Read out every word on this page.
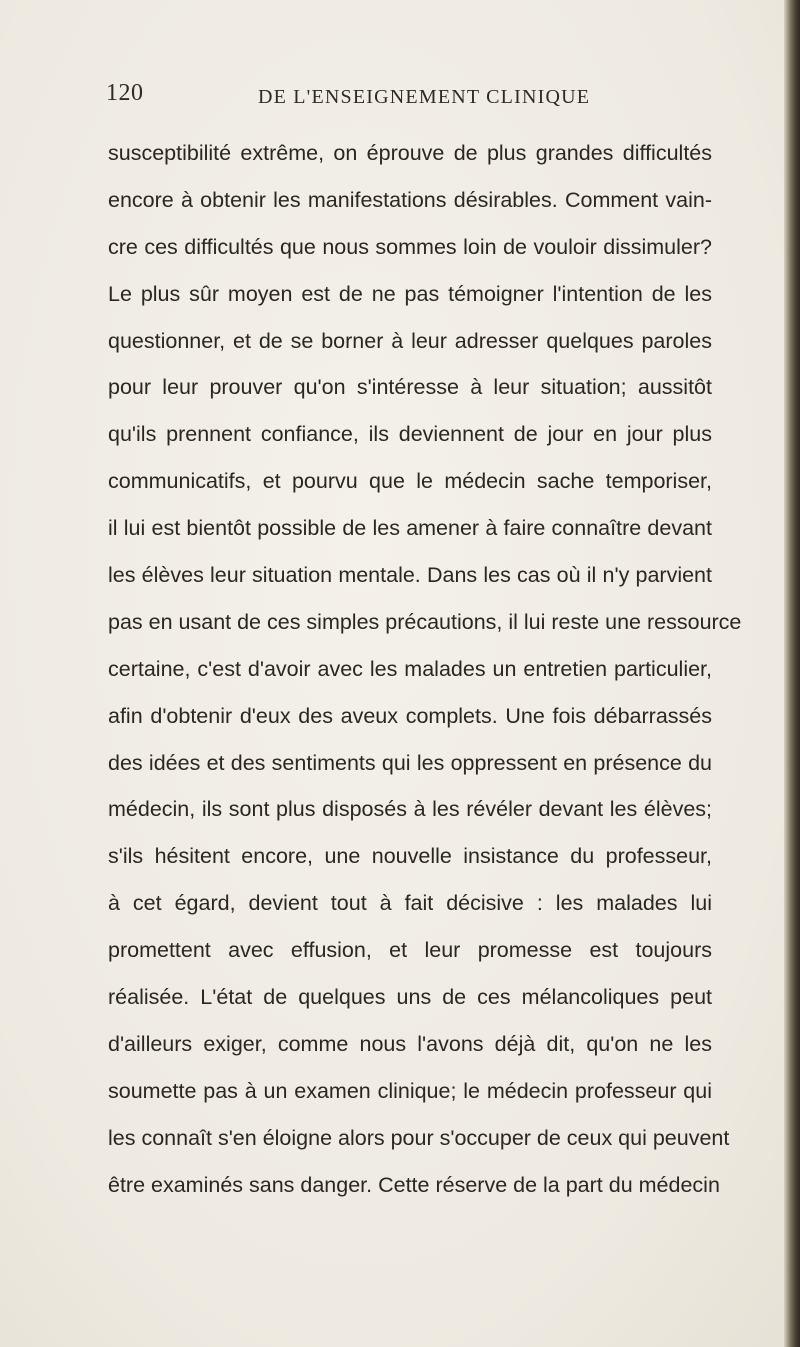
120	DE L'ENSEIGNEMENT CLINIQUE
susceptibilité extrême, on éprouve de plus grandes difficultés
encore à obtenir les manifestations désirables. Comment vain-
cre ces difficultés que nous sommes loin de vouloir dissimuler?
Le plus sûr moyen est de ne pas témoigner l'intention de les
questionner, et de se borner à leur adresser quelques paroles
pour leur prouver qu'on s'intéresse à leur situation; aussitôt
qu'ils prennent confiance, ils deviennent de jour en jour plus
communicatifs, et pourvu que le médecin sache temporiser,
il lui est bientôt possible de les amener à faire connaître devant
les élèves leur situation mentale. Dans les cas où il n'y parvient
pas en usant de ces simples précautions, il lui reste une ressource
certaine, c'est d'avoir avec les malades un entretien particulier,
afin d'obtenir d'eux des aveux complets. Une fois débarrassés
des idées et des sentiments qui les oppressent en présence du
médecin, ils sont plus disposés à les révéler devant les élèves;
s'ils hésitent encore, une nouvelle insistance du professeur,
à cet égard, devient tout à fait décisive : les malades lui
promettent avec effusion, et leur promesse est toujours
réalisée. L'état de quelques uns de ces mélancoliques peut
d'ailleurs exiger, comme nous l'avons déjà dit, qu'on ne les
soumette pas à un examen clinique; le médecin professeur qui
les connaît s'en éloigne alors pour s'occuper de ceux qui peuvent
être examinés sans danger. Cette réserve de la part du médecin
